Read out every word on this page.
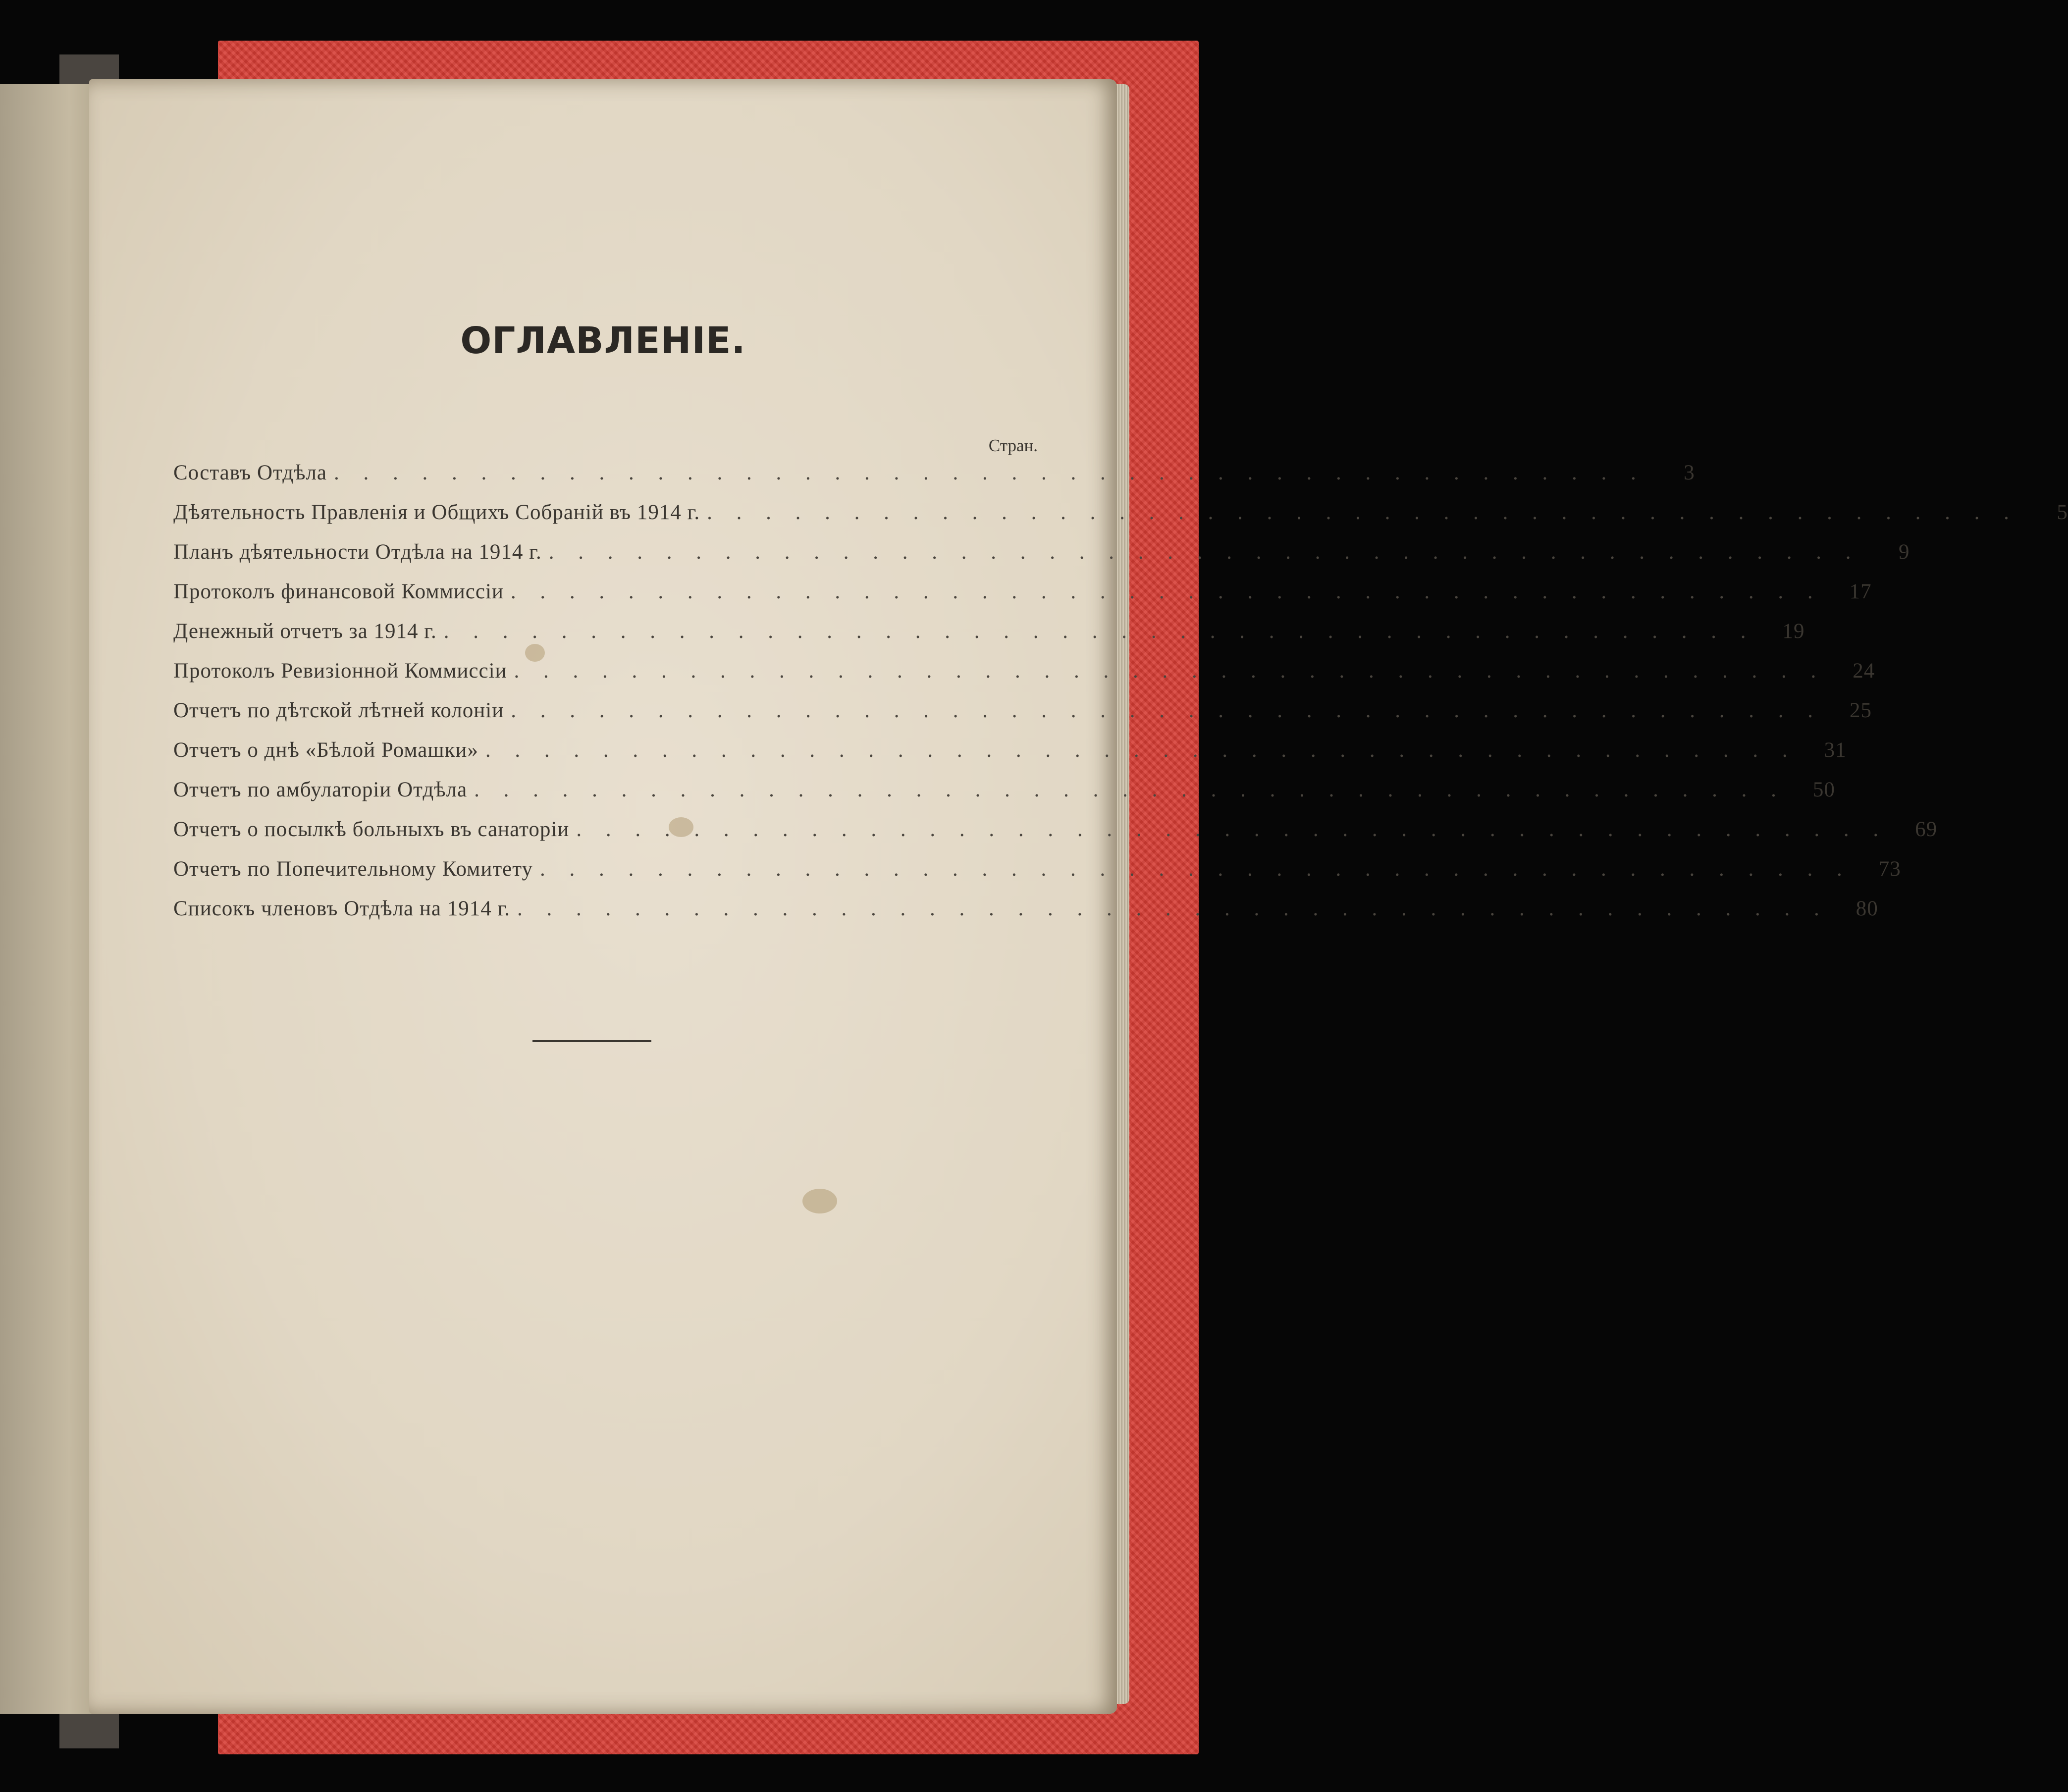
ОГЛАВЛЕНІЕ.
Стран.
Составъ Отдѣла . . . . . . . . . . . . . . . . . . . . . . . . . . . . . . . . . . . . . . . . . . . . .	3
Дѣятельность Правленія и Общихъ Собраній въ 1914 г. . . . . . . . . . . . . . . . . . . . . . . . . . . . . . . . . . . . . . . . . . . . . .	5
Планъ дѣятельности Отдѣла на 1914 г. . . . . . . . . . . . . . . . . . . . . . . . . . . . . . . . . . . . . . . . . . . . . .	9
Протоколъ финансовой Коммиссіи . . . . . . . . . . . . . . . . . . . . . . . . . . . . . . . . . . . . . . . . . . . . .	17
Денежный отчетъ за 1914 г. . . . . . . . . . . . . . . . . . . . . . . . . . . . . . . . . . . . . . . . . . . . . .	19
Протоколъ Ревизіонной Коммиссіи . . . . . . . . . . . . . . . . . . . . . . . . . . . . . . . . . . . . . . . . . . . . .	24
Отчетъ по дѣтской лѣтней колоніи . . . . . . . . . . . . . . . . . . . . . . . . . . . . . . . . . . . . . . . . . . . . .	25
Отчетъ о днѣ «Бѣлой Ромашки» . . . . . . . . . . . . . . . . . . . . . . . . . . . . . . . . . . . . . . . . . . . . .	31
Отчетъ по амбулаторіи Отдѣла . . . . . . . . . . . . . . . . . . . . . . . . . . . . . . . . . . . . . . . . . . . . .	50
Отчетъ о посылкѣ больныхъ въ санаторіи . . . . . . . . . . . . . . . . . . . . . . . . . . . . . . . . . . . . . . . . . . . . .	69
Отчетъ по Попечительному Комитету . . . . . . . . . . . . . . . . . . . . . . . . . . . . . . . . . . . . . . . . . . . . .	73
Списокъ членовъ Отдѣла на 1914 г. . . . . . . . . . . . . . . . . . . . . . . . . . . . . . . . . . . . . . . . . . . . . .	80
